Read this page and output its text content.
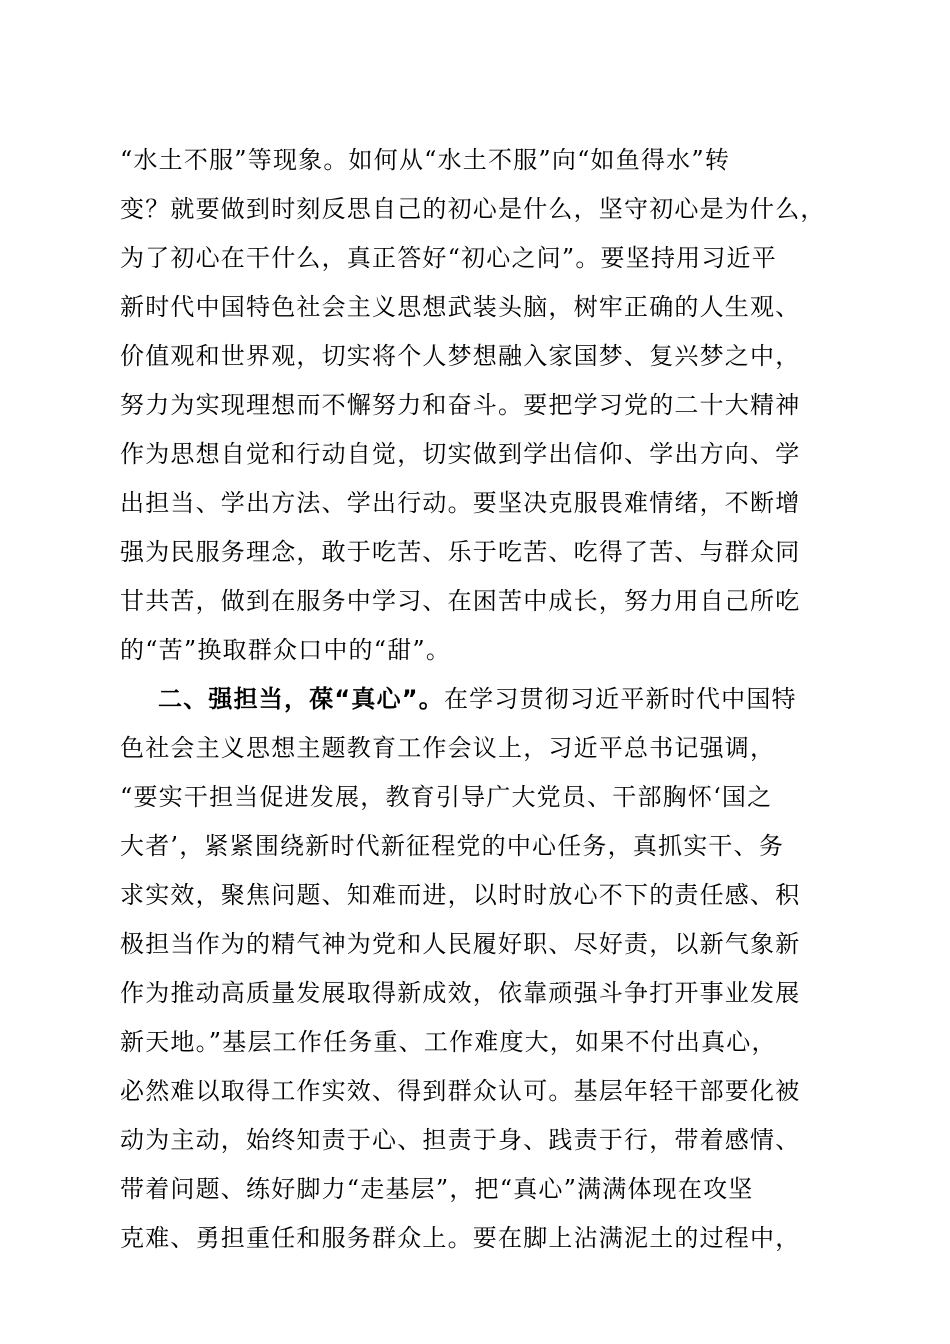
“水土不服”等现象。如何从“水土不服”向“如鱼得水”转
变？就要做到时刻反思自己的初心是什么，坚守初心是为什么，
为了初心在干什么，真正答好“初心之问”。要坚持用习近平
新时代中国特色社会主义思想武装头脑，树牢正确的人生观、
价值观和世界观，切实将个人梦想融入家国梦、复兴梦之中，
努力为实现理想而不懈努力和奋斗。要把学习党的二十大精神
作为思想自觉和行动自觉，切实做到学出信仰、学出方向、学
出担当、学出方法、学出行动。要坚决克服畏难情绪，不断增
强为民服务理念，敢于吃苦、乐于吃苦、吃得了苦、与群众同
甘共苦，做到在服务中学习、在困苦中成长，努力用自己所吃
的“苦”换取群众口中的“甜”。
二、强担当，葆“真心”。在学习贯彻习近平新时代中国特
色社会主义思想主题教育工作会议上，习近平总书记强调，
“要实干担当促进发展，教育引导广大党员、干部胸怀‘国之
大者’，紧紧围绕新时代新征程党的中心任务，真抓实干、务
求实效，聚焦问题、知难而进，以时时放心不下的责任感、积
极担当作为的精气神为党和人民履好职、尽好责，以新气象新
作为推动高质量发展取得新成效，依靠顽强斗争打开事业发展
新天地。”基层工作任务重、工作难度大，如果不付出真心，
必然难以取得工作实效、得到群众认可。基层年轻干部要化被
动为主动，始终知责于心、担责于身、践责于行，带着感情、
带着问题、练好脚力“走基层”，把“真心”满满体现在攻坚
克难、勇担重任和服务群众上。要在脚上沾满泥土的过程中，
